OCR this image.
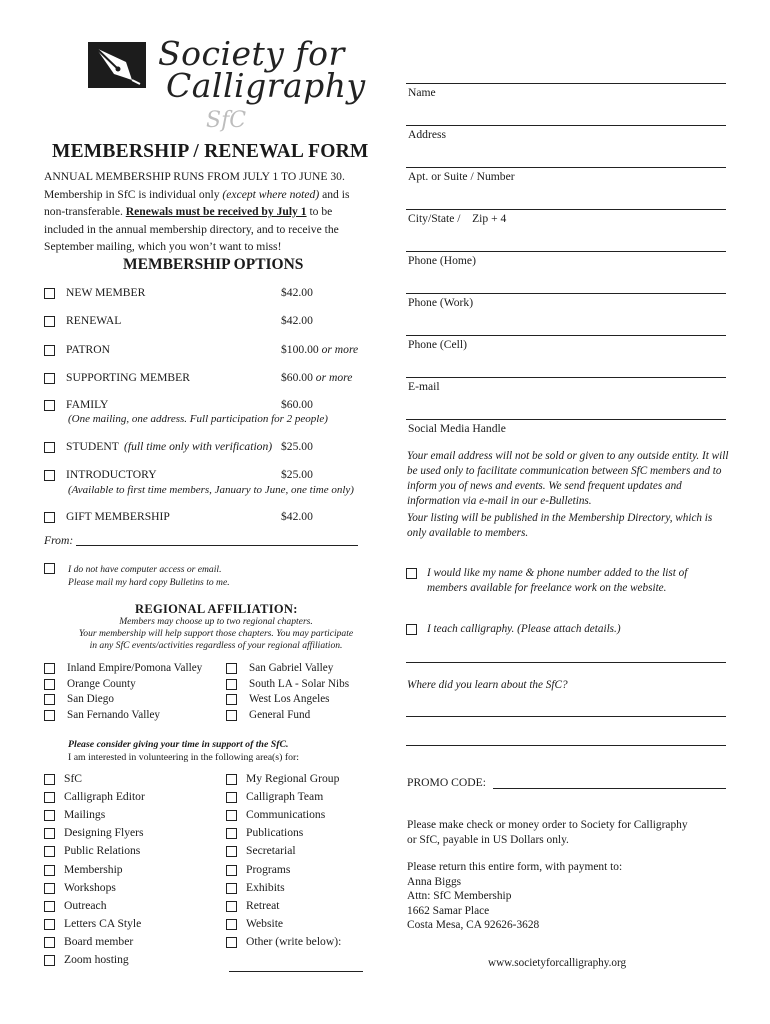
Society for
Calligraphy
SfC
MEMBERSHIP / RENEWAL FORM
ANNUAL MEMBERSHIP RUNS FROM JULY 1 TO JUNE 30. Membership in SfC is individual only (except where noted) and is non-transferable. Renewals must be received by July 1 to be included in the annual membership directory, and to receive the September mailing, which you won’t want to miss!
MEMBERSHIP OPTIONS
NEW MEMBER	$42.00
RENEWAL	$42.00
PATRON	$100.00 or more
SUPPORTING MEMBER	$60.00 or more
FAMILY	$60.00
STUDENT	$25.00
(full time only with verification)
INTRODUCTORY	$25.00
GIFT MEMBERSHIP	$42.00
(One mailing, one address. Full participation for 2 people)
(Available to first time members, January to June, one time only)
From:
I do not have computer access or email.
Please mail my hard copy Bulletins to me.
REGIONAL AFFILIATION:
Members may choose up to two regional chapters.
Your membership will help support those chapters. You may participate
in any SfC events/activities regardless of your regional affiliation.
Inland Empire/Pomona Valley
Orange County
San Diego
San Fernando Valley
San Gabriel Valley
South LA - Solar Nibs
West Los Angeles
General Fund
Please consider giving your time in support of the SfC.
I am interested in volunteering in the following area(s) for:
SfC
Calligraph Editor
Mailings
Designing Flyers
Public Relations
Membership
Workshops
Outreach
Letters CA Style
Board member
Zoom hosting
My Regional Group
Calligraph Team
Communications
Publications
Secretarial
Programs
Exhibits
Retreat
Website
Other (write below):
Name
Address
Apt. or Suite / Number
City/State /    Zip + 4
Phone (Home)
Phone (Work)
Phone (Cell)
E-mail
Social Media Handle
Your email address will not be sold or given to any outside entity. It will be used only to facilitate communication between SfC members and to inform you of news and events. We send frequent updates and information via e-mail in our e-Bulletins.
Your listing will be published in the Membership Directory, which is only available to members.
I would like my name & phone number added to the list of
members available for freelance work on the website.
I teach calligraphy. (Please attach details.)
Where did you learn about the SfC?
PROMO CODE:
Please make check or money order to Society for Calligraphy
or SfC, payable in US Dollars only.
Please return this entire form, with payment to:
Anna Biggs
Attn: SfC Membership
1662 Samar Place
Costa Mesa, CA 92626-3628
www.societyforcalligraphy.org
